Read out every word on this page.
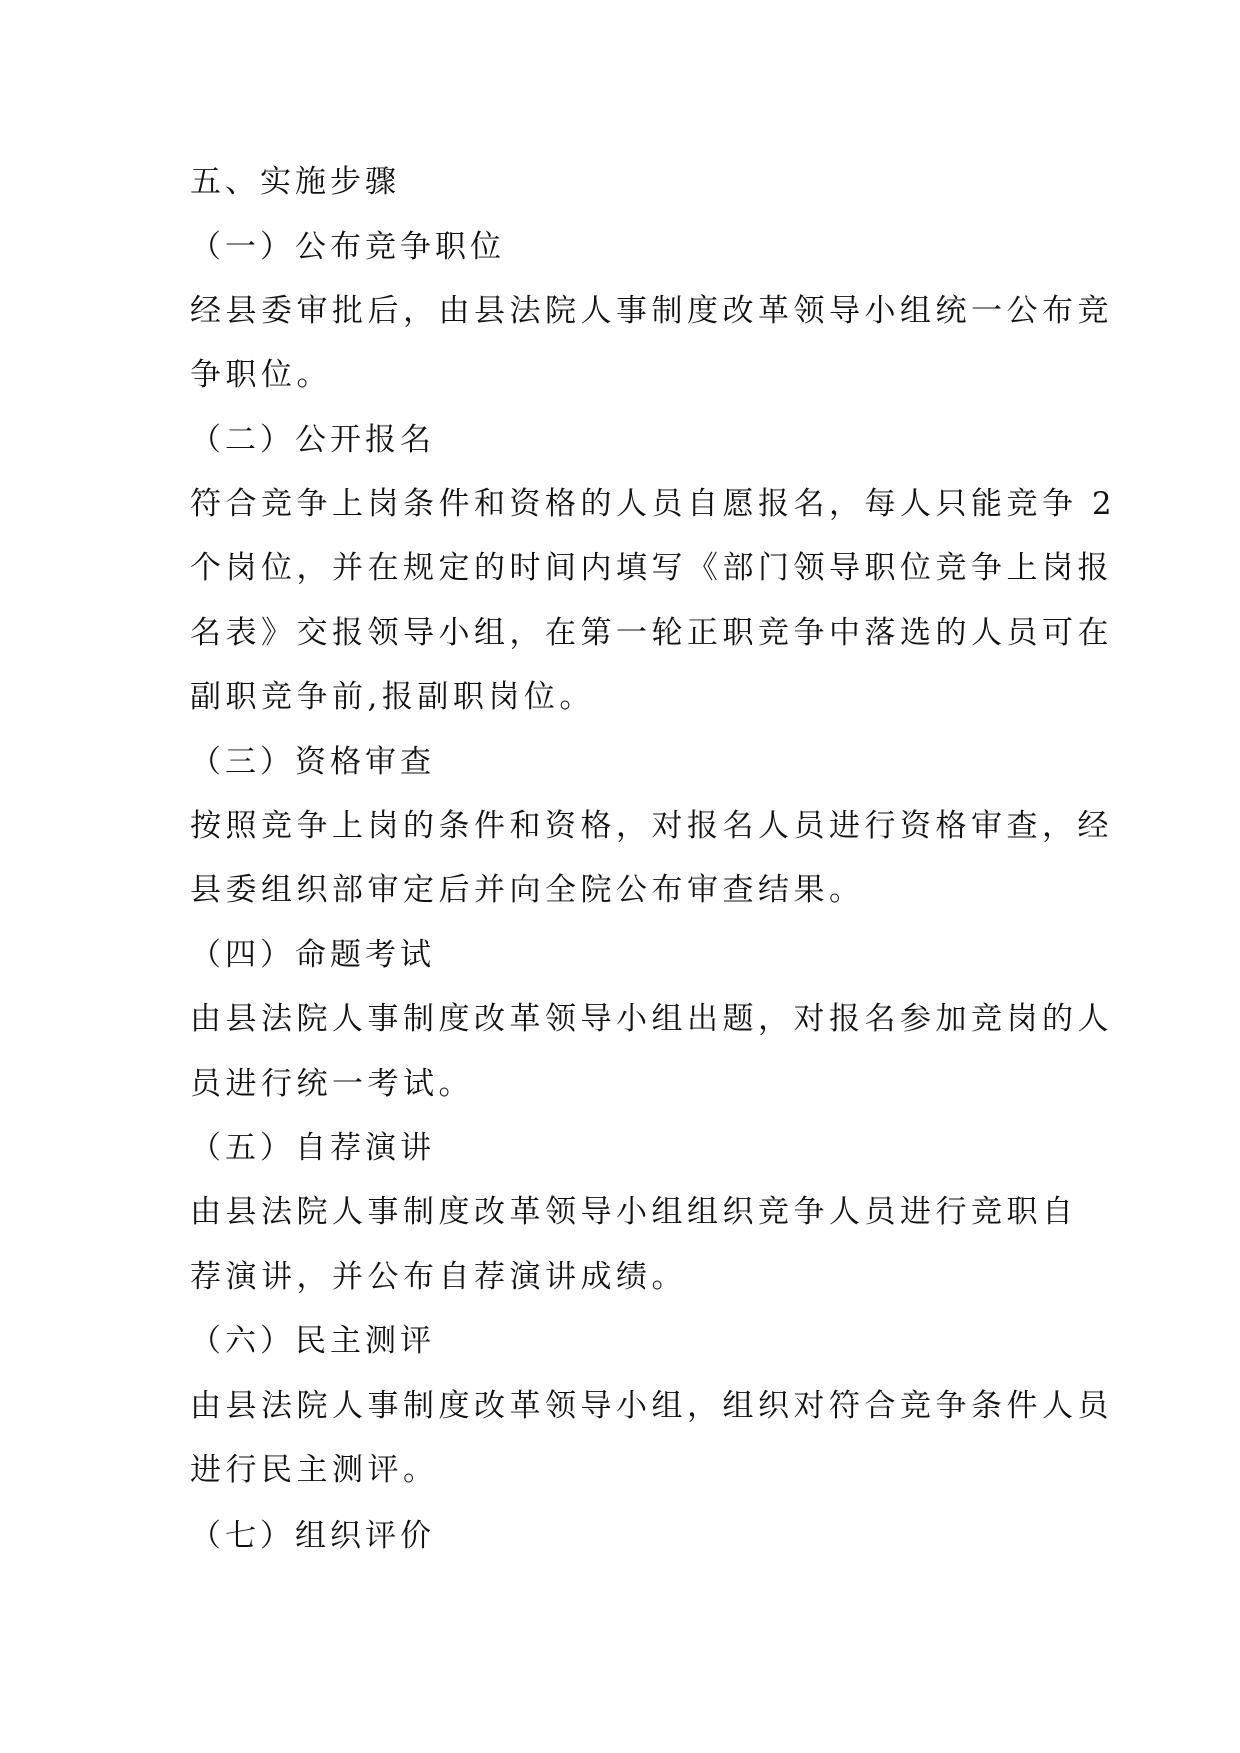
五、实施步骤
（一）公布竞争职位
经县委审批后，由县法院人事制度改革领导小组统一公布竞
争职位。
（二）公开报名
符合竞争上岗条件和资格的人员自愿报名，每人只能竞争 2
个岗位，并在规定的时间内填写《部门领导职位竞争上岗报
名表》交报领导小组，在第一轮正职竞争中落选的人员可在
副职竞争前,报副职岗位。
（三）资格审查
按照竞争上岗的条件和资格，对报名人员进行资格审查，经
县委组织部审定后并向全院公布审查结果。
（四）命题考试
由县法院人事制度改革领导小组出题，对报名参加竞岗的人
员进行统一考试。
（五）自荐演讲
由县法院人事制度改革领导小组组织竞争人员进行竞职自
荐演讲，并公布自荐演讲成绩。
（六）民主测评
由县法院人事制度改革领导小组，组织对符合竞争条件人员
进行民主测评。
（七）组织评价
